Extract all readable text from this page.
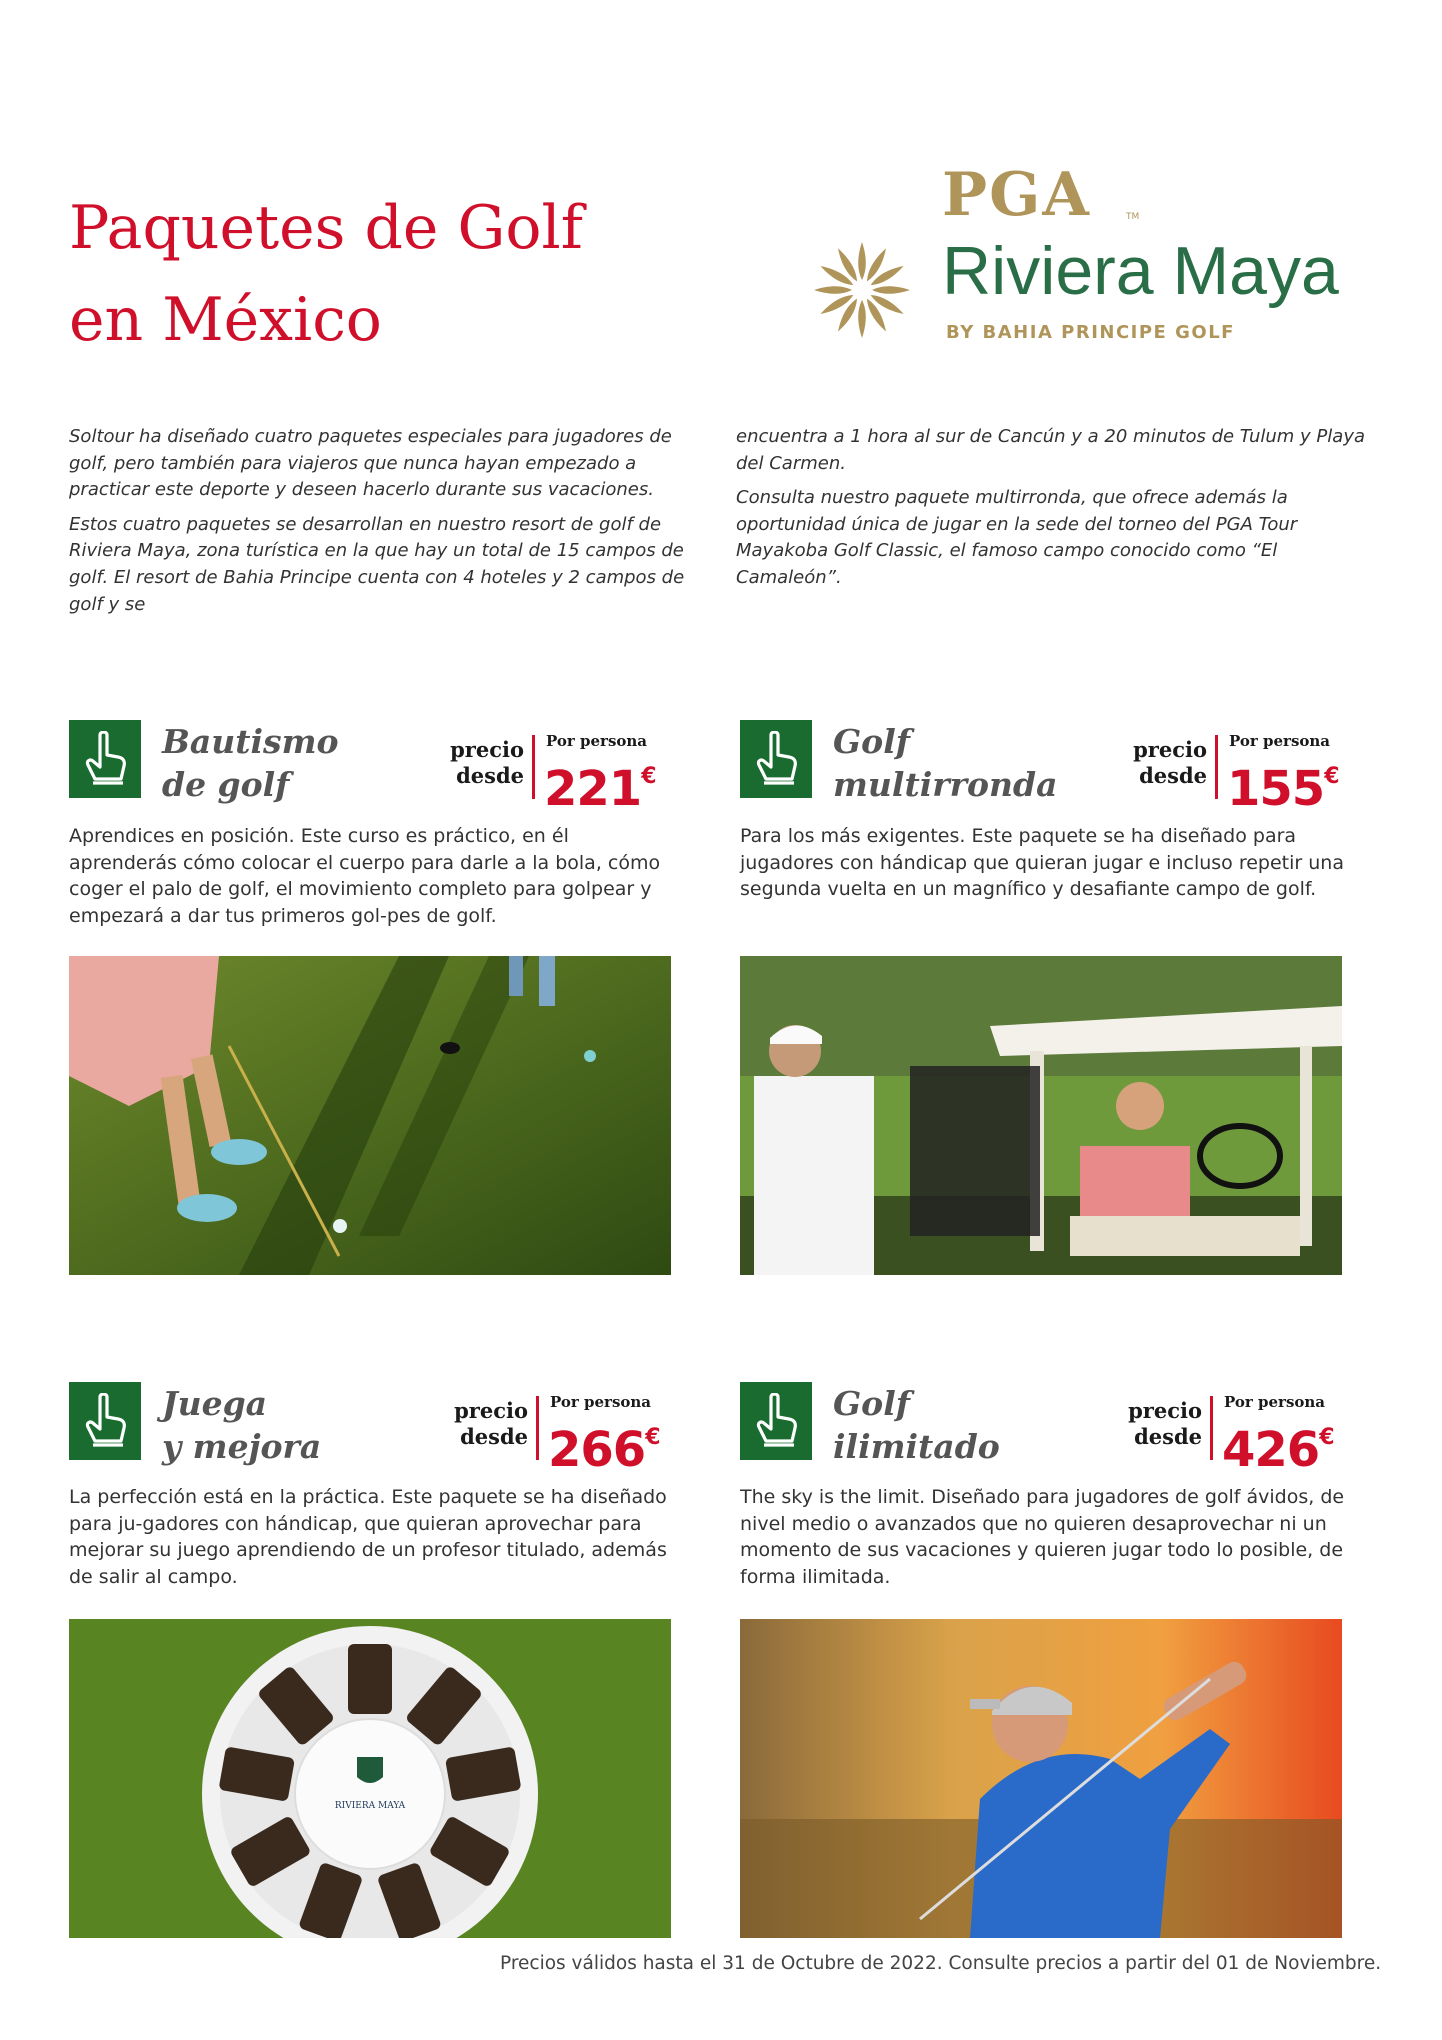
Paquetes de Golf
en México
PGA	TM
Riviera Maya
BY BAHIA PRINCIPE GOLF

Soltour ha diseñado cuatro paquetes especiales para jugadores de golf, pero también para viajeros que nunca hayan empezado a practicar este deporte y deseen hacerlo durante sus vacaciones.

Estos cuatro paquetes se desarrollan en nuestro resort de golf de Riviera Maya, zona turística en la que hay un total de 15 campos de golf. El resort de Bahia Principe cuenta con 4 hoteles y 2 campos de golf y se

encuentra a 1 hora al sur de Cancún y a 20 minutos de Tulum y Playa del Carmen.

Consulta nuestro paquete multirronda, que ofrece además la oportunidad única de jugar en la sede del torneo del PGA Tour Mayakoba Golf Classic, el famoso campo conocido como “El Camaleón”.

Bautismo
de golf
precio
desde
Por persona
221€

Aprendices en posición. Este curso es práctico, en él aprenderás cómo colocar el cuerpo para darle a la bola, cómo coger el palo de golf, el movimiento completo para golpear y empezará a dar tus primeros gol-pes de golf.

Golf
multirronda
precio
desde
Por persona
155€

Para los más exigentes. Este paquete se ha diseñado para jugadores con hándicap que quieran jugar e incluso repetir una segunda vuelta en un magnífico y desafiante campo de golf.

Juega
y mejora
precio
desde
Por persona
266€

La perfección está en la práctica. Este paquete se ha diseñado para ju-gadores con hándicap, que quieran aprovechar para mejorar su juego aprendiendo de un profesor titulado, además de salir al campo.

RIVIERA MAYA
Golf
ilimitado
precio
desde
Por persona
426€

The sky is the limit. Diseñado para jugadores de golf ávidos, de nivel medio o avanzados que no quieren desaprovechar ni un momento de sus vacaciones y quieren jugar todo lo posible, de forma ilimitada.

Precios válidos hasta el 31 de Octubre de 2022. Consulte precios a partir del 01 de Noviembre.
